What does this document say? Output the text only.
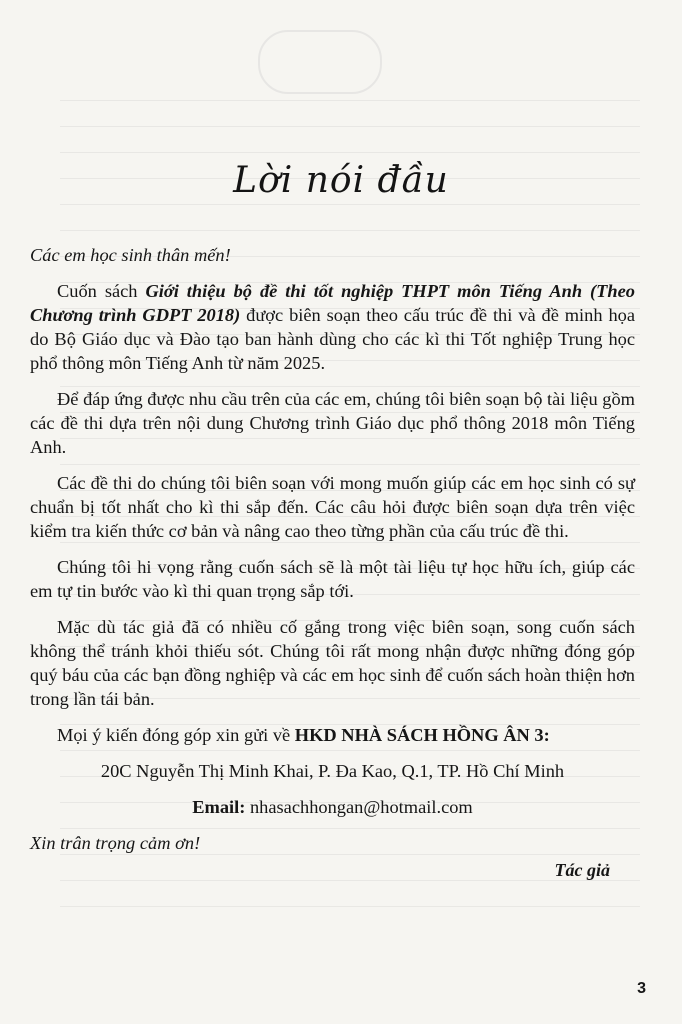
Lời nói đầu

Các em học sinh thân mến!

Cuốn sách Giới thiệu bộ đề thi tốt nghiệp THPT môn Tiếng Anh (Theo Chương trình GDPT 2018) được biên soạn theo cấu trúc đề thi và đề minh họa do Bộ Giáo dục và Đào tạo ban hành dùng cho các kì thi Tốt nghiệp Trung học phổ thông môn Tiếng Anh từ năm 2025.

Để đáp ứng được nhu cầu trên của các em, chúng tôi biên soạn bộ tài liệu gồm các đề thi dựa trên nội dung Chương trình Giáo dục phổ thông 2018 môn Tiếng Anh.

Các đề thi do chúng tôi biên soạn với mong muốn giúp các em học sinh có sự chuẩn bị tốt nhất cho kì thi sắp đến. Các câu hỏi được biên soạn dựa trên việc kiểm tra kiến thức cơ bản và nâng cao theo từng phần của cấu trúc đề thi.

Chúng tôi hi vọng rằng cuốn sách sẽ là một tài liệu tự học hữu ích, giúp các em tự tin bước vào kì thi quan trọng sắp tới.

Mặc dù tác giả đã có nhiều cố gắng trong việc biên soạn, song cuốn sách không thể tránh khỏi thiếu sót. Chúng tôi rất mong nhận được những đóng góp quý báu của các bạn đồng nghiệp và các em học sinh để cuốn sách hoàn thiện hơn trong lần tái bản.

Mọi ý kiến đóng góp xin gửi về HKD NHÀ SÁCH HỒNG ÂN 3:

20C Nguyễn Thị Minh Khai, P. Đa Kao, Q.1, TP. Hồ Chí Minh

Email: nhasachhongan@hotmail.com

Xin trân trọng cảm ơn!

Tác giả
3
